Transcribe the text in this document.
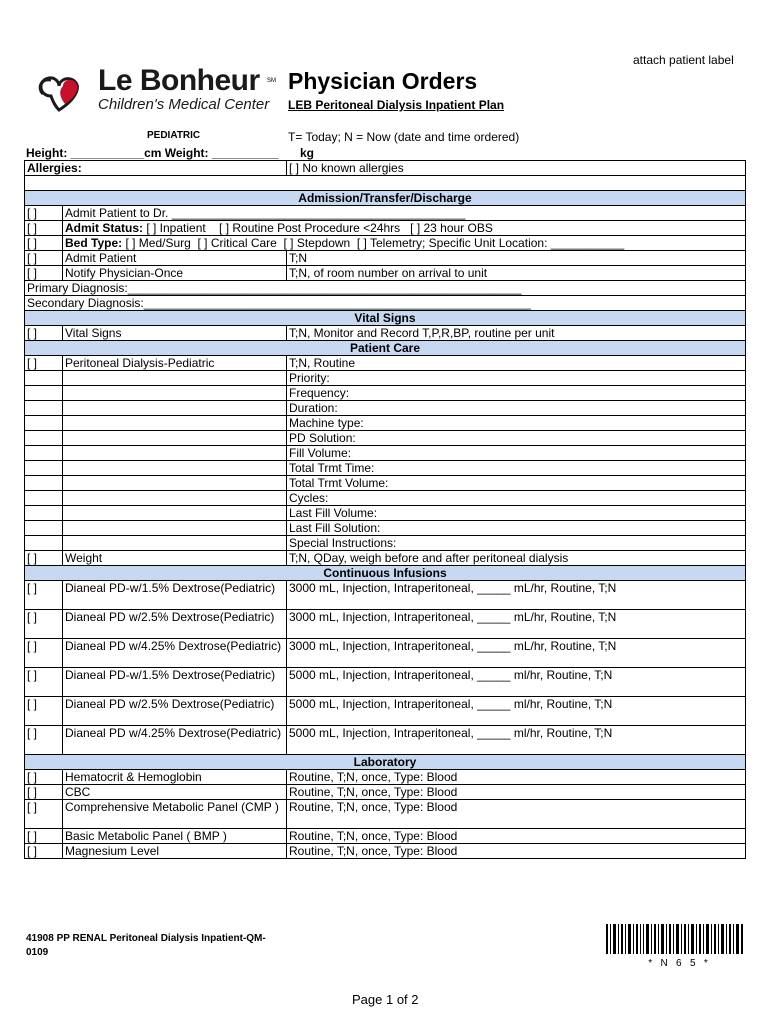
attach patient label
Le Bonheur SM
Children's Medical Center
Physician Orders
LEB Peritoneal Dialysis Inpatient Plan
PEDIATRIC	T= Today; N = Now (date and time ordered)
Height: ___________cm Weight: __________ kg
Allergies:		[ ] No known allergies

Admission/Transfer/Discharge		
[ ]	Admit Patient to Dr. ____________________________________________	
[ ]	Admit Status: [ ] Inpatient    [ ] Routine Post Procedure <24hrs   [ ] 23 hour OBS	
[ ]	Bed Type: [ ] Med/Surg  [ ] Critical Care  [ ] Stepdown  [ ] Telemetry; Specific Unit Location: ___________	
[ ]	Admit Patient	T;N
[ ]	Notify Physician-Once	T;N, of room number on arrival to unit
Primary Diagnosis:___________________________________________________________		
Secondary Diagnosis:__________________________________________________________		
Vital Signs		
[ ]	Vital Signs	T;N, Monitor and Record T,P,R,BP, routine per unit
Patient Care		
[ ]	Peritoneal Dialysis-Pediatric	T;N, Routine
		Priority:
		Frequency:
		Duration:
		Machine type:
		PD Solution:
		Fill Volume:
		Total Trmt Time:
		Total Trmt Volume:
		Cycles:
		Last Fill Volume:
		Last Fill Solution:
		Special Instructions:
[ ]	Weight	T;N, QDay, weigh before and after peritoneal dialysis
Continuous Infusions		
[ ]	Dianeal PD-w/1.5% Dextrose(Pediatric)	3000 mL, Injection, Intraperitoneal, _____ mL/hr, Routine, T;N
[ ]	Dianeal PD w/2.5% Dextrose(Pediatric)	3000 mL, Injection, Intraperitoneal, _____ mL/hr, Routine, T;N
[ ]	Dianeal PD w/4.25% Dextrose(Pediatric)	3000 mL, Injection, Intraperitoneal, _____ mL/hr, Routine, T;N
[ ]	Dianeal PD-w/1.5% Dextrose(Pediatric)	5000 mL, Injection, Intraperitoneal, _____ ml/hr, Routine, T;N
[ ]	Dianeal PD w/2.5% Dextrose(Pediatric)	5000 mL, Injection, Intraperitoneal, _____ ml/hr, Routine, T;N
[ ]	Dianeal PD w/4.25% Dextrose(Pediatric)	5000 mL, Injection, Intraperitoneal, _____ ml/hr, Routine, T;N
Laboratory		
[ ]	Hematocrit & Hemoglobin	Routine, T;N, once, Type: Blood
[ ]	CBC	Routine, T;N, once, Type: Blood
[ ]	Comprehensive Metabolic Panel (CMP )	Routine, T;N, once, Type: Blood
[ ]	Basic Metabolic Panel ( BMP )	Routine, T;N, once, Type: Blood
[ ]	Magnesium Level	Routine, T;N, once, Type: Blood
41908 PP RENAL Peritoneal Dialysis Inpatient-QM-
0109
*   N   6   5   *
Page 1 of 2
